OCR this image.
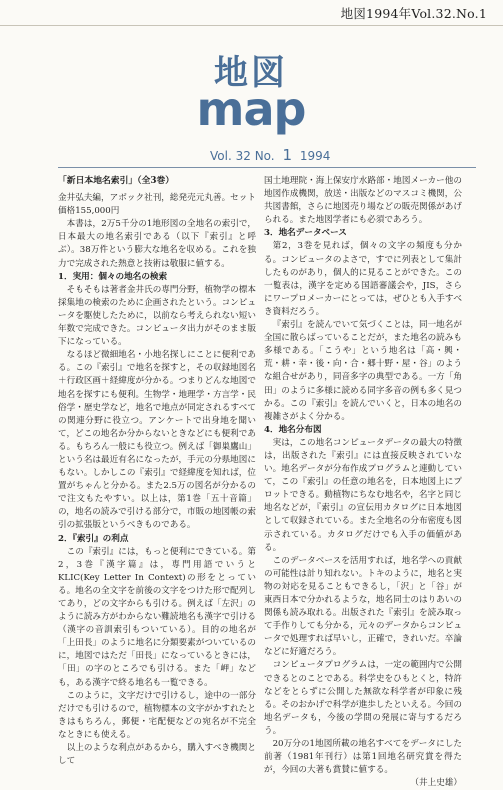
地図1994年Vol.32.No.1
地図
map
Vol. 32 No. 1 1994

「新日本地名索引」（全3巻）

金井弘夫編，アボック社刊，総発売元丸善。セット価格155,000円

本書は，2万5千分の1地形図の全地名の索引で，日本最大の地名索引である（以下『索引』と呼ぶ）。38万件という膨大な地名を収める。これを独力で完成された熱意と技術は敬服に値する。

1．実用：個々の地名の検索

そもそもは著者金井氏の専門分野，植物学の標本採集地の検索のために企画されたという。コンピュータを駆使したために，以前なら考えられない短い年数で完成できた。コンピュータ出力がそのまま版下になっている。

なるほど微細地名・小地名探しにことに便利である。この『索引』で地名を探すと，その収録地図名＋行政区画＋経緯度が分かる。つまりどんな地図で地名を探すにも便利。生物学・地理学・方言学・民俗学・歴史学など，地名で地点が同定されるすべての関連分野に役立つ。アンケートで出身地を聞いて，どこの地名か分からないときなどにも便利である。もちろん一般にも役立つ。例えば「御巣鷹山」という名は最近有名になったが，手元の分県地図にもない。しかしこの『索引』で経緯度を知れば，位置がちゃんと分かる。また2.5万の図名が分かるので注文もたやすい。以上は，第1巻「五十音篇」の，地名の読みで引ける部分で，市販の地図帳の索引の拡張版というべきものである。

2．『索引』の利点

この『索引』には，もっと便利にできている。第2，3巻『漢字篇』は，専門用語でいうとKLIC(Key Letter In Context)の形をとっている。地名の全文字を前後の文字をつけた形で配列してあり，どの文字からも引ける。例えば「左沢」のように読み方がわからない難読地名も漢字で引ける（漢字の音訓索引もついている）。目的の地名が「上田長」のように地名に分類要素がついているのに，地図ではただ「田長」になっているときには，「田」の字のところでも引ける。また「岬」なども，ある漢字で終る地名も一覧できる。

このように，文字だけで引けるし，途中の一部分だけでも引けるので，植物標本の文字がかすれたときはもちろん，郵便・宅配便などの宛名が不完全なときにも使える。

以上のような利点があるから，購入すべき機関として

国土地理院・海上保安庁水路部・地図メーカー他の地図作成機関，放送・出版などのマスコミ機関，公共図書館，さらに地図売り場などの販売関係があげられる。また地図学者にも必須であろう。

3．地名データベース

第2，3巻を見れば，個々の文字の頻度も分かる。コンピュータのよさで，すでに列表として集計したものがあり，個人的に見ることができた。この一覧表は，漢字を定める国語審議会や，JIS，さらにワープロメーカーにとっては，ぜひとも入手すべき資料だろう。

『索引』を読んでいて気づくことは，同一地名が全国に散らばっていることだが，また地名の読みも多様である。「こうや」という地名は「高・興・荒・耕・幸・後・向・合・郷十野・屋・谷」のような組合せがあり，同音多字の典型である。一方「角田」のように多様に読める同字多音の例も多く見つかる。この『索引』を読んでいくと，日本の地名の複雑さがよく分かる。

4．地名分布図

実は，この地名コンピュータデータの最大の特徴は，出版された『索引』には直接反映されていない。地名データが分布作成プログラムと連動していて，この『索引』の任意の地名を，日本地図上にプロットできる。動植物にちなむ地名や，名字と同じ地名などが，『索引』の宣伝用カタログに日本地図として収録されている。また全地名の分布密度も図示されている。カタログだけでも入手の価値がある。

このデータベースを活用すれば，地名学への貢献の可能性は計り知れない。トキのように，地名と実物の対応を見ることもできるし，「沢」と「谷」が東西日本で分かれるような，地名同士のはりあいの関係も読み取れる。出版された『索引』を読み取って手作りしても分かる，元々のデータからコンピュータで処理すれば早いし，正確で，きれいだ。卒論などに好適だろう。

コンピュータプログラムは，一定の範囲内で公開できるとのことである。科学史をひもとくと，特許などをとらずに公開した無欲な科学者が印象に残る。そのおかげで科学が進歩したといえる。今回の地名データも，今後の学問の発展に寄与するだろう。

20万分の1地図所載の地名すべてをデータにした前著（1981年刊行）は第1回地名研究賞を得たが，今回の大著も賞賛に値する。

（井上史雄）
